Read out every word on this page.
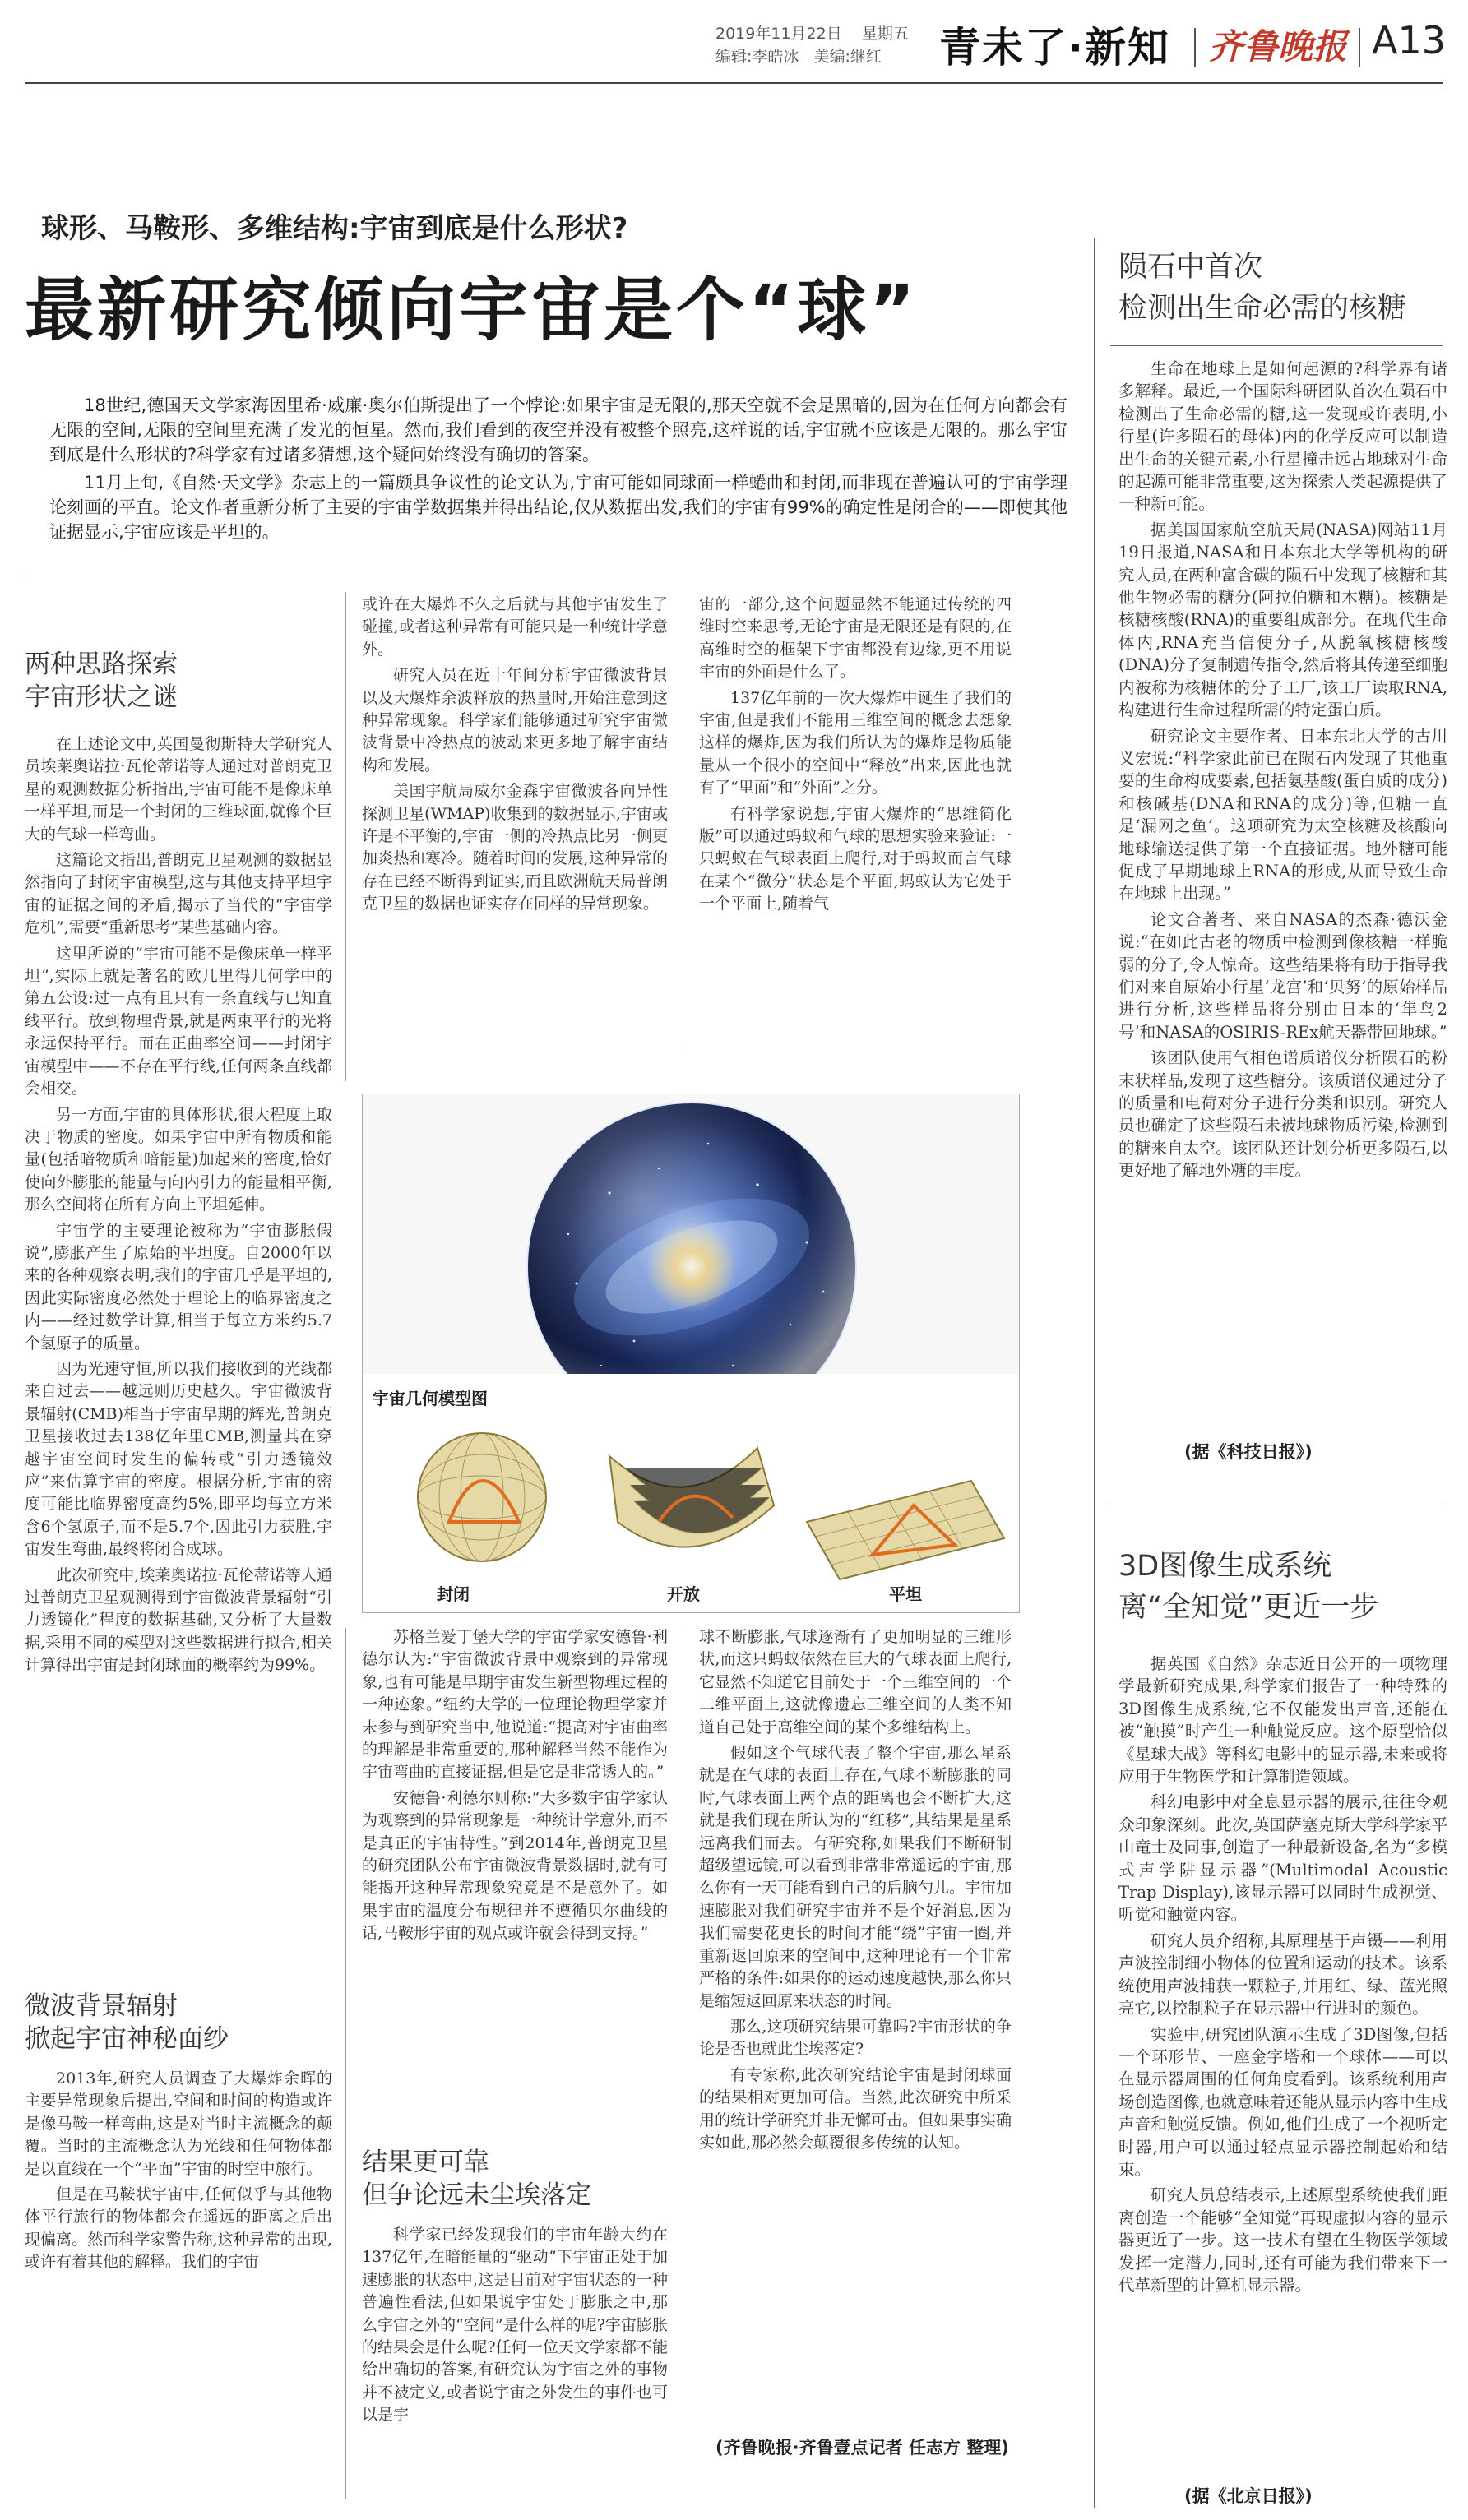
2019年11月22日 星期五
编辑:李皓冰 美编:继红 青未了·新知 齐鲁晚报 A13
球形、马鞍形、多维结构:宇宙到底是什么形状?
最新研究倾向宇宙是个“球”

18世纪,德国天文学家海因里希·威廉·奥尔伯斯提出了一个悖论:如果宇宙是无限的,那天空就不会是黑暗的,因为在任何方向都会有无限的空间,无限的空间里充满了发光的恒星。然而,我们看到的夜空并没有被整个照亮,这样说的话,宇宙就不应该是无限的。那么宇宙到底是什么形状的?科学家有过诸多猜想,这个疑问始终没有确切的答案。

11月上旬,《自然·天文学》杂志上的一篇颇具争议性的论文认为,宇宙可能如同球面一样蜷曲和封闭,而非现在普遍认可的宇宙学理论刻画的平直。论文作者重新分析了主要的宇宙学数据集并得出结论,仅从数据出发,我们的宇宙有99%的确定性是闭合的——即使其他证据显示,宇宙应该是平坦的。

两种思路探索
宇宙形状之谜

在上述论文中,英国曼彻斯特大学研究人员埃莱奥诺拉·瓦伦蒂诺等人通过对普朗克卫星的观测数据分析指出,宇宙可能不是像床单一样平坦,而是一个封闭的三维球面,就像个巨大的气球一样弯曲。

这篇论文指出,普朗克卫星观测的数据显然指向了封闭宇宙模型,这与其他支持平坦宇宙的证据之间的矛盾,揭示了当代的“宇宙学危机”,需要“重新思考”某些基础内容。

这里所说的“宇宙可能不是像床单一样平坦”,实际上就是著名的欧几里得几何学中的第五公设:过一点有且只有一条直线与已知直线平行。放到物理背景,就是两束平行的光将永远保持平行。而在正曲率空间——封闭宇宙模型中——不存在平行线,任何两条直线都会相交。

另一方面,宇宙的具体形状,很大程度上取决于物质的密度。如果宇宙中所有物质和能量(包括暗物质和暗能量)加起来的密度,恰好使向外膨胀的能量与向内引力的能量相平衡,那么空间将在所有方向上平坦延伸。

宇宙学的主要理论被称为“宇宙膨胀假说”,膨胀产生了原始的平坦度。自2000年以来的各种观察表明,我们的宇宙几乎是平坦的,因此实际密度必然处于理论上的临界密度之内——经过数学计算,相当于每立方米约5.7个氢原子的质量。

因为光速守恒,所以我们接收到的光线都来自过去——越远则历史越久。宇宙微波背景辐射(CMB)相当于宇宙早期的辉光,普朗克卫星接收过去138亿年里CMB,测量其在穿越宇宙空间时发生的偏转或“引力透镜效应”来估算宇宙的密度。根据分析,宇宙的密度可能比临界密度高约5%,即平均每立方米含6个氢原子,而不是5.7个,因此引力获胜,宇宙发生弯曲,最终将闭合成球。

此次研究中,埃莱奥诺拉·瓦伦蒂诺等人通过普朗克卫星观测得到宇宙微波背景辐射“引力透镜化”程度的数据基础,又分析了大量数据,采用不同的模型对这些数据进行拟合,相关计算得出宇宙是封闭球面的概率约为99%。

微波背景辐射
掀起宇宙神秘面纱

2013年,研究人员调查了大爆炸余晖的主要异常现象后提出,空间和时间的构造或许是像马鞍一样弯曲,这是对当时主流概念的颠覆。当时的主流概念认为光线和任何物体都是以直线在一个“平面”宇宙的时空中旅行。

但是在马鞍状宇宙中,任何似乎与其他物体平行旅行的物体都会在遥远的距离之后出现偏离。然而科学家警告称,这种异常的出现,或许有着其他的解释。我们的宇宙

或许在大爆炸不久之后就与其他宇宙发生了碰撞,或者这种异常有可能只是一种统计学意外。

研究人员在近十年间分析宇宙微波背景以及大爆炸余波释放的热量时,开始注意到这种异常现象。科学家们能够通过研究宇宙微波背景中冷热点的波动来更多地了解宇宙结构和发展。

美国宇航局威尔金森宇宙微波各向异性探测卫星(WMAP)收集到的数据显示,宇宙或许是不平衡的,宇宙一侧的冷热点比另一侧更加炎热和寒冷。随着时间的发展,这种异常的存在已经不断得到证实,而且欧洲航天局普朗克卫星的数据也证实存在同样的异常现象。

宙的一部分,这个问题显然不能通过传统的四维时空来思考,无论宇宙是无限还是有限的,在高维时空的框架下宇宙都没有边缘,更不用说宇宙的外面是什么了。

137亿年前的一次大爆炸中诞生了我们的宇宙,但是我们不能用三维空间的概念去想象这样的爆炸,因为我们所认为的爆炸是物质能量从一个很小的空间中“释放”出来,因此也就有了“里面”和“外面”之分。

有科学家说想,宇宙大爆炸的“思维简化版”可以通过蚂蚁和气球的思想实验来验证:一只蚂蚁在气球表面上爬行,对于蚂蚁而言气球在某个“微分”状态是个平面,蚂蚁认为它处于一个平面上,随着气

宇宙几何模型图
封闭	开放	平坦

苏格兰爱丁堡大学的宇宙学家安德鲁·利德尔认为:“宇宙微波背景中观察到的异常现象,也有可能是早期宇宙发生新型物理过程的一种迹象。”纽约大学的一位理论物理学家并未参与到研究当中,他说道:“提高对宇宙曲率的理解是非常重要的,那种解释当然不能作为宇宙弯曲的直接证据,但是它是非常诱人的。”

安德鲁·利德尔则称:“大多数宇宙学家认为观察到的异常现象是一种统计学意外,而不是真正的宇宙特性。”到2014年,普朗克卫星的研究团队公布宇宙微波背景数据时,就有可能揭开这种异常现象究竟是不是意外了。如果宇宙的温度分布规律并不遵循贝尔曲线的话,马鞍形宇宙的观点或许就会得到支持。”

结果更可靠
但争论远未尘埃落定

科学家已经发现我们的宇宙年龄大约在137亿年,在暗能量的“驱动”下宇宙正处于加速膨胀的状态中,这是目前对宇宙状态的一种普遍性看法,但如果说宇宙处于膨胀之中,那么宇宙之外的“空间”是什么样的呢?宇宙膨胀的结果会是什么呢?任何一位天文学家都不能给出确切的答案,有研究认为宇宙之外的事物并不被定义,或者说宇宙之外发生的事件也可以是宇

球不断膨胀,气球逐渐有了更加明显的三维形状,而这只蚂蚁依然在巨大的气球表面上爬行,它显然不知道它目前处于一个三维空间的一个二维平面上,这就像遗忘三维空间的人类不知道自己处于高维空间的某个多维结构上。

假如这个气球代表了整个宇宙,那么星系就是在气球的表面上存在,气球不断膨胀的同时,气球表面上两个点的距离也会不断扩大,这就是我们现在所认为的“红移”,其结果是星系远离我们而去。有研究称,如果我们不断研制超级望远镜,可以看到非常非常遥远的宇宙,那么你有一天可能看到自己的后脑勺儿。宇宙加速膨胀对我们研究宇宙并不是个好消息,因为我们需要花更长的时间才能“绕”宇宙一圈,并重新返回原来的空间中,这种理论有一个非常严格的条件:如果你的运动速度越快,那么你只是缩短返回原来状态的时间。

那么,这项研究结果可靠吗?宇宙形状的争论是否也就此尘埃落定?

有专家称,此次研究结论宇宙是封闭球面的结果相对更加可信。当然,此次研究中所采用的统计学研究并非无懈可击。但如果事实确实如此,那必然会颠覆很多传统的认知。

(齐鲁晚报·齐鲁壹点记者 任志方 整理)
陨石中首次
检测出生命必需的核糖

生命在地球上是如何起源的?科学界有诸多解释。最近,一个国际科研团队首次在陨石中检测出了生命必需的糖,这一发现或许表明,小行星(许多陨石的母体)内的化学反应可以制造出生命的关键元素,小行星撞击远古地球对生命的起源可能非常重要,这为探索人类起源提供了一种新可能。

据美国国家航空航天局(NASA)网站11月19日报道,NASA和日本东北大学等机构的研究人员,在两种富含碳的陨石中发现了核糖和其他生物必需的糖分(阿拉伯糖和木糖)。核糖是核糖核酸(RNA)的重要组成部分。在现代生命体内,RNA充当信使分子,从脱氧核糖核酸(DNA)分子复制遗传指令,然后将其传递至细胞内被称为核糖体的分子工厂,该工厂读取RNA,构建进行生命过程所需的特定蛋白质。

研究论文主要作者、日本东北大学的古川义宏说:“科学家此前已在陨石内发现了其他重要的生命构成要素,包括氨基酸(蛋白质的成分)和核碱基(DNA和RNA的成分)等,但糖一直是‘漏网之鱼’。这项研究为太空核糖及核酸向地球输送提供了第一个直接证据。地外糖可能促成了早期地球上RNA的形成,从而导致生命在地球上出现。”

论文合著者、来自NASA的杰森·德沃金说:“在如此古老的物质中检测到像核糖一样脆弱的分子,令人惊奇。这些结果将有助于指导我们对来自原始小行星‘龙宫’和‘贝努’的原始样品进行分析,这些样品将分别由日本的‘隼鸟2号’和NASA的OSIRIS-REx航天器带回地球。”

该团队使用气相色谱质谱仪分析陨石的粉末状样品,发现了这些糖分。该质谱仪通过分子的质量和电荷对分子进行分类和识别。研究人员也确定了这些陨石未被地球物质污染,检测到的糖来自太空。该团队还计划分析更多陨石,以更好地了解地外糖的丰度。

(据《科技日报》)
3D图像生成系统
离“全知觉”更近一步

据英国《自然》杂志近日公开的一项物理学最新研究成果,科学家们报告了一种特殊的3D图像生成系统,它不仅能发出声音,还能在被“触摸”时产生一种触觉反应。这个原型恰似《星球大战》等科幻电影中的显示器,未来或将应用于生物医学和计算制造领域。

科幻电影中对全息显示器的展示,往往令观众印象深刻。此次,英国萨塞克斯大学科学家平山竜士及同事,创造了一种最新设备,名为“多模式声学阱显示器”(Multimodal Acoustic Trap Display),该显示器可以同时生成视觉、听觉和触觉内容。

研究人员介绍称,其原理基于声镊——利用声波控制细小物体的位置和运动的技术。该系统使用声波捕获一颗粒子,并用红、绿、蓝光照亮它,以控制粒子在显示器中行进时的颜色。

实验中,研究团队演示生成了3D图像,包括一个环形节、一座金字塔和一个球体——可以在显示器周围的任何角度看到。该系统利用声场创造图像,也就意味着还能从显示内容中生成声音和触觉反馈。例如,他们生成了一个视听定时器,用户可以通过轻点显示器控制起始和结束。

研究人员总结表示,上述原型系统使我们距离创造一个能够“全知觉”再现虚拟内容的显示器更近了一步。这一技术有望在生物医学领域发挥一定潜力,同时,还有可能为我们带来下一代革新型的计算机显示器。

(据《北京日报》)
